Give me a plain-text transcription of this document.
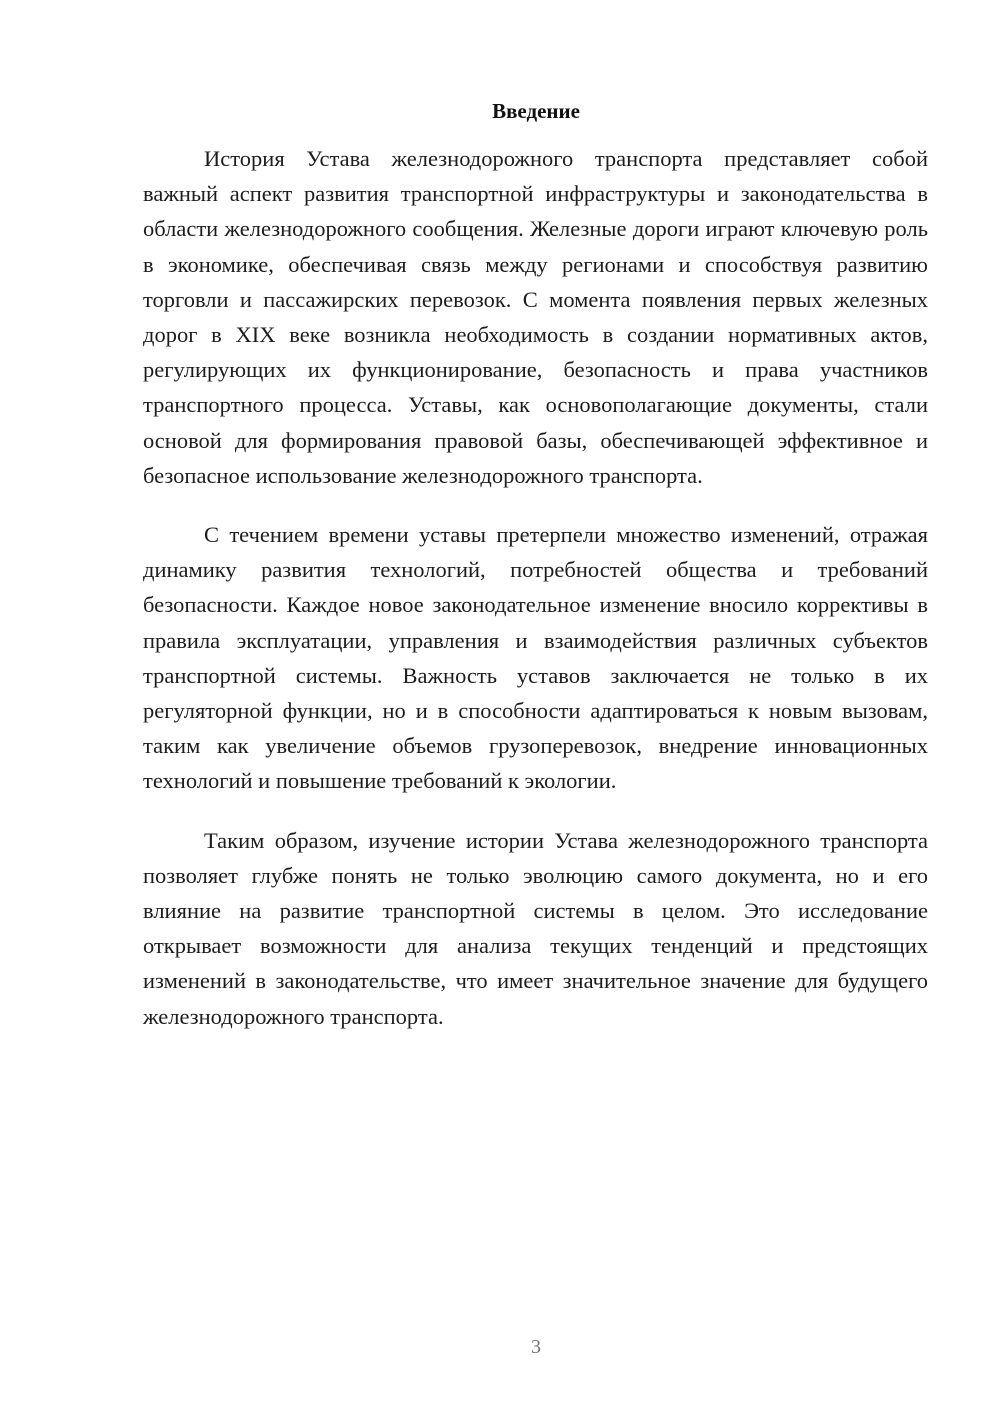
Введение

История Устава железнодорожного транспорта представляет собой важный аспект развития транспортной инфраструктуры и законодательства в области железнодорожного сообщения. Железные дороги играют ключевую роль в экономике, обеспечивая связь между регионами и способствуя развитию торговли и пассажирских перевозок. С момента появления первых железных дорог в XIX веке возникла необходимость в создании нормативных актов, регулирующих их функционирование, безопасность и права участников транспортного процесса. Уставы, как основополагающие документы, стали основой для формирования правовой базы, обеспечивающей эффективное и безопасное использование железнодорожного транспорта.

С течением времени уставы претерпели множество изменений, отражая динамику развития технологий, потребностей общества и требований безопасности. Каждое новое законодательное изменение вносило коррективы в правила эксплуатации, управления и взаимодействия различных субъектов транспортной системы. Важность уставов заключается не только в их регуляторной функции, но и в способности адаптироваться к новым вызовам, таким как увеличение объемов грузоперевозок, внедрение инновационных технологий и повышение требований к экологии.

Таким образом, изучение истории Устава железнодорожного транспорта позволяет глубже понять не только эволюцию самого документа, но и его влияние на развитие транспортной системы в целом. Это исследование открывает возможности для анализа текущих тенденций и предстоящих изменений в законодательстве, что имеет значительное значение для будущего железнодорожного транспорта.

3
